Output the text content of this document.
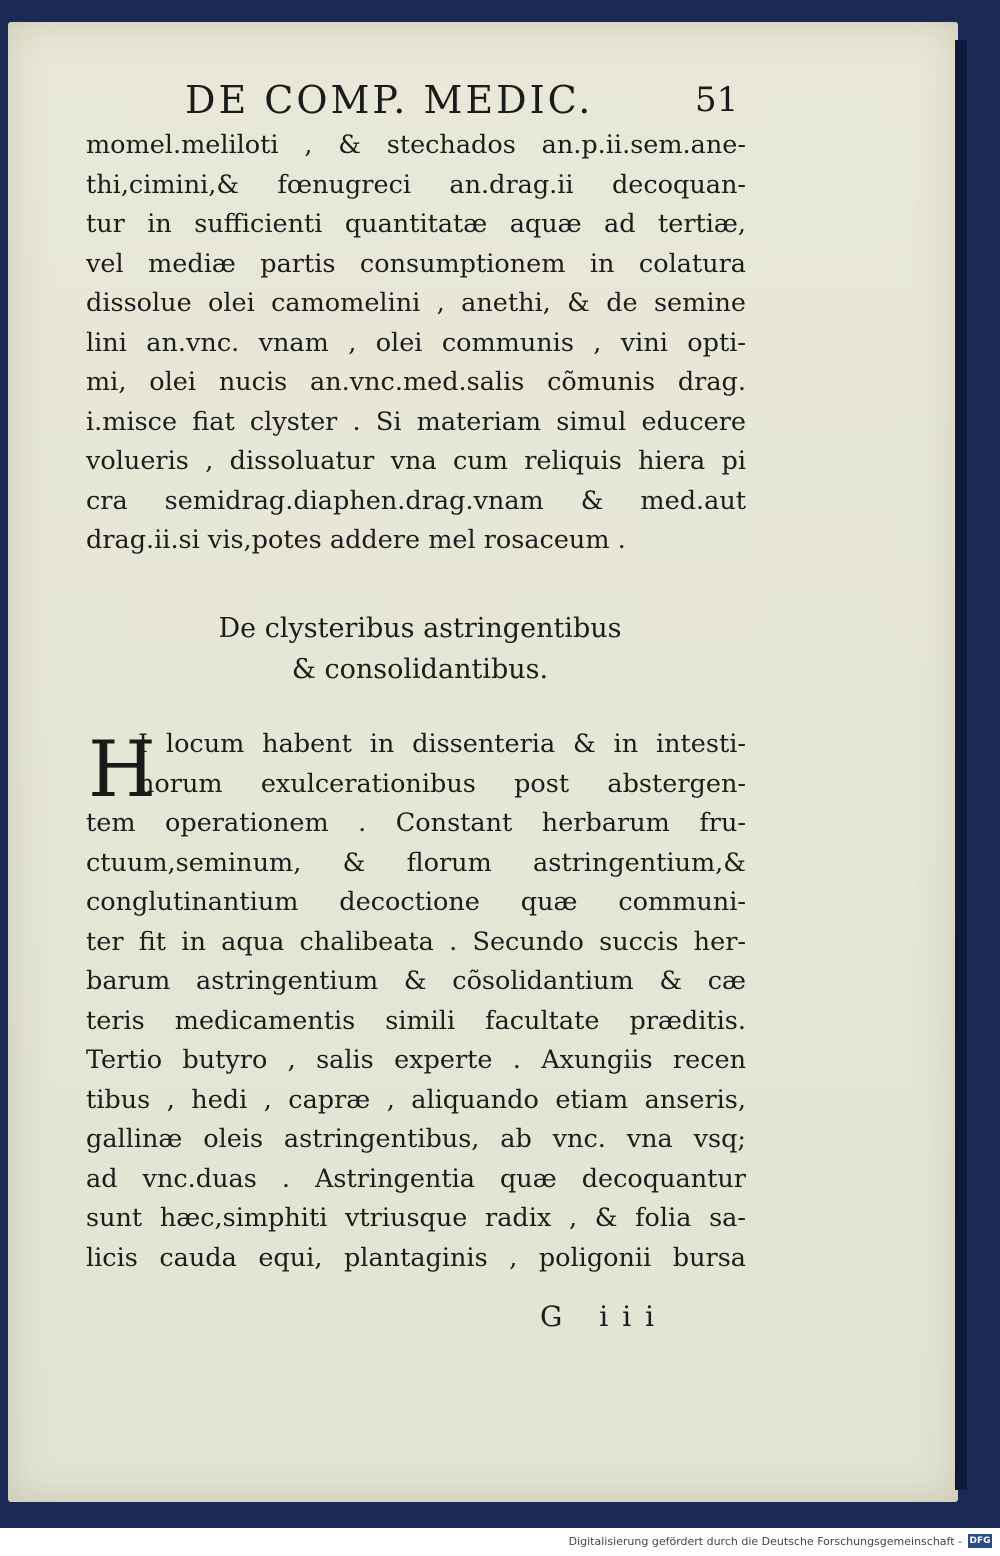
DE COMP. MEDIC.	51
momel.meliloti , & stechados an.p.ii.sem.ane-
thi,cimini,& fœnugreci an.drag.ii decoquan-
tur in sufficienti quantitatæ aquæ ad tertiæ,
vel mediæ partis consumptionem in colatura
dissolue olei camomelini , anethi, & de semine
lini an.vnc. vnam , olei communis , vini opti-
mi, olei nucis an.vnc.med.salis cõmunis drag.
i.misce fiat clyster . Si materiam simul educere
volueris , dissoluatur vna cum reliquis hiera pi
cra semidrag.diaphen.drag.vnam & med.aut
drag.ii.si vis,potes addere mel rosaceum .
De clysteribus astringentibus
& consolidantibus.
H
I locum habent in dissenteria & in intesti-
norum exulcerationibus post abstergen-
tem operationem . Constant herbarum fru-
ctuum,seminum, & florum astringentium,&
conglutinantium decoctione quæ communi-
ter fit in aqua chalibeata . Secundo succis her-
barum astringentium & cõsolidantium & cæ
teris medicamentis simili facultate præditis.
Tertio butyro , salis experte . Axungiis recen
tibus , hedi , capræ , aliquando etiam anseris,
gallinæ oleis astringentibus, ab vnc. vna vsq;
ad vnc.duas . Astringentia quæ decoquantur
sunt hæc,simphiti vtriusque radix , & folia sa-
licis cauda equi, plantaginis , poligonii bursa
G iii
Digitalisierung gefördert durch die Deutsche Forschungsgemeinschaft - DFG
